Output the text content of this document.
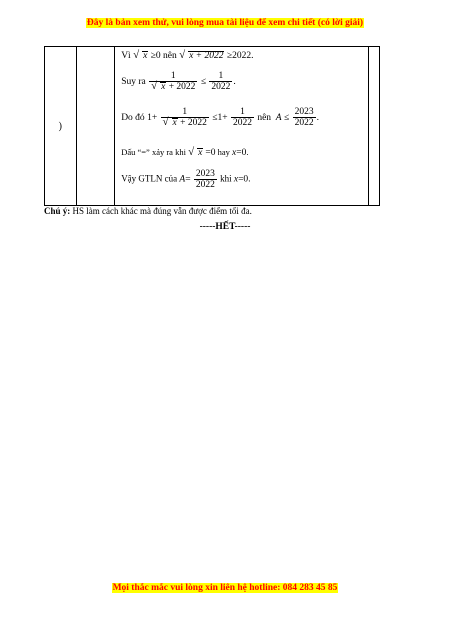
Đây là bản xem thử, vui lòng mua tài liệu để xem chi tiết (có lời giải)
)		
Vì √ x ≥0 nên √ x + 2022 ≥2022.
Suy ra 1
√ $x + 2022 \le \frac{1}{2022}$ .
Do đó 1+ 1
√ $x + 2022 \le 1+ \frac{1}{2022}$ nên $A \le \frac{2023}{2022}$ .
Dấu “=” xảy ra khi √ x =0 hay x=0.
Vậy GTLN của $A= \frac{2023}{2022}$ khi x=0.

Chú ý: HS làm cách khác mà đúng vẫn được điểm tối đa.
-----HẾT-----
Mọi thắc mắc vui lòng xin liên hệ hotline: 084 283 45 85
